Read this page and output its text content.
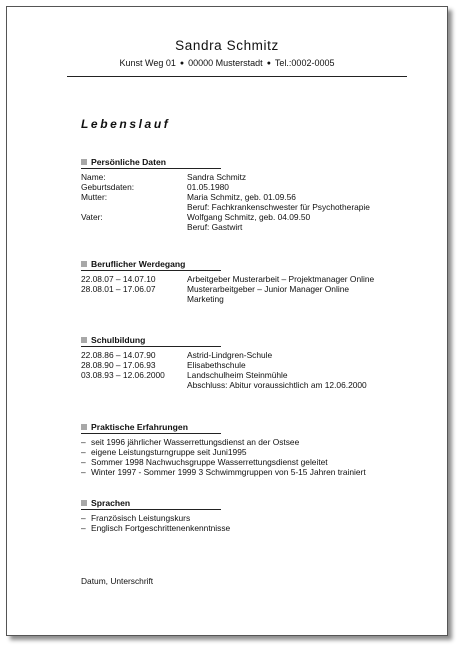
Sandra Schmitz
Kunst Weg 01 ● 00000 Musterstadt ● Tel.:0002-0005
Lebenslauf
Persönliche Daten
Name:	Sandra Schmitz
Geburtsdaten:	01.05.1980
Mutter:	Maria Schmitz, geb. 01.09.56
Beruf: Fachkrankenschwester für Psychotherapie
Vater:	Wolfgang Schmitz, geb. 04.09.50
Beruf: Gastwirt
Beruflicher Werdegang
22.08.07 – 14.07.10	Arbeitgeber Musterarbeit – Projektmanager Online
28.08.01 – 17.06.07	Musterarbeitgeber – Junior Manager Online
Marketing
Schulbildung
22.08.86 – 14.07.90	Astrid-Lindgren-Schule
28.08.90 – 17.06.93	Elisabethschule
03.08.93 – 12.06.2000	Landschulheim Steinmühle
Abschluss: Abitur voraussichtlich am 12.06.2000
Praktische Erfahrungen
– seit 1996 jährlicher Wasserrettungsdienst an der Ostsee
– eigene Leistungsturngruppe seit Juni1995
– Sommer 1998 Nachwuchsgruppe Wasserrettungsdienst geleitet
– Winter 1997 - Sommer 1999 3 Schwimmgruppen von 5-15 Jahren trainiert
Sprachen
– Französisch Leistungskurs
– Englisch Fortgeschrittenenkenntnisse
Datum, Unterschrift
